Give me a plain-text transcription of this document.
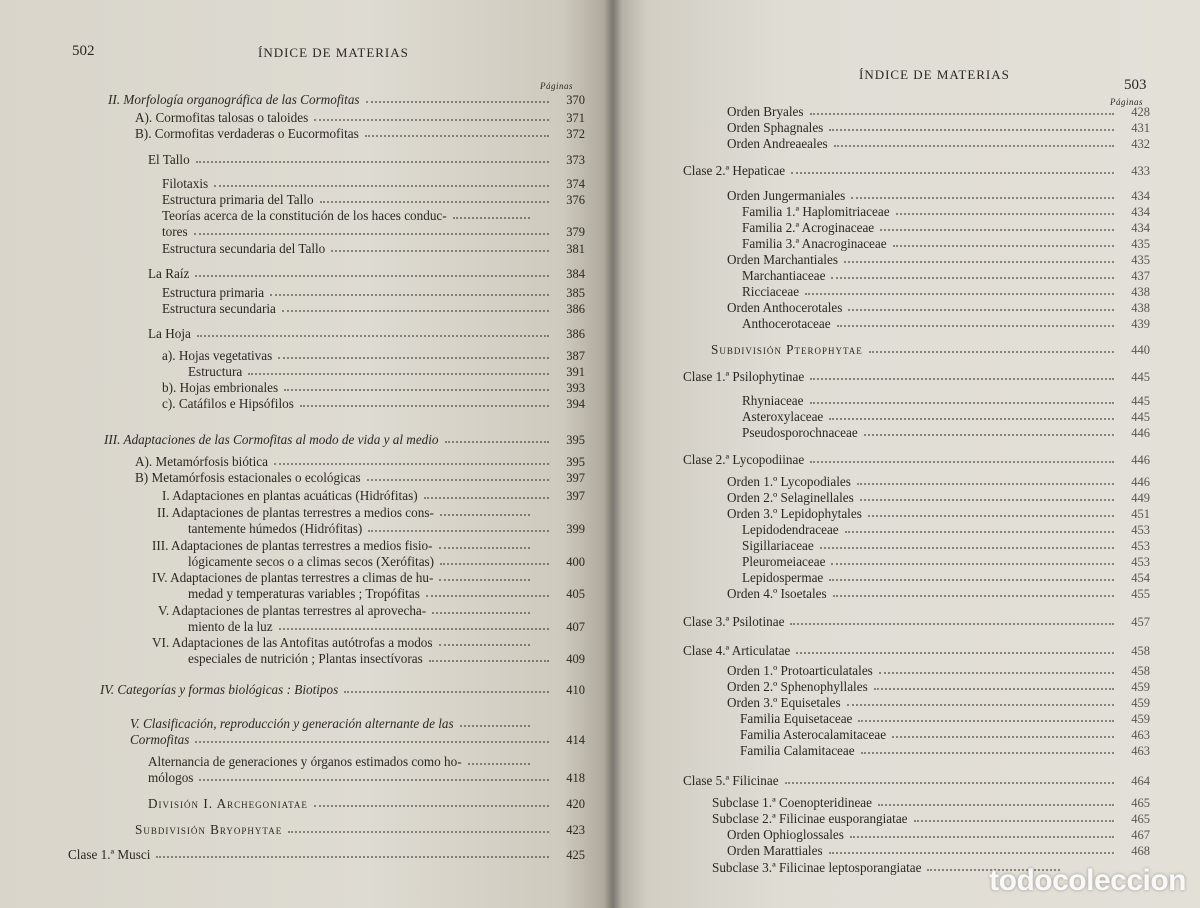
502	ÍNDICE DE MATERIAS
Páginas
II. Morfología organográfica de las Cormofitas	370
A). Cormofitas talosas o taloides	371
B). Cormofitas verdaderas o Eucormofitas	372
El Tallo	373
Filotaxis	374
Estructura primaria del Tallo	376
Teorías acerca de la constitución de los haces conduc-
tores	379
Estructura secundaria del Tallo	381
La Raíz	384
Estructura primaria	385
Estructura secundaria	386
La Hoja	386
a). Hojas vegetativas	387
Estructura	391
b). Hojas embrionales	393
c). Catáfilos e Hipsófilos	394
III. Adaptaciones de las Cormofitas al modo de vida y al medio	395
A). Metamórfosis biótica	395
B) Metamórfosis estacionales o ecológicas	397
I. Adaptaciones en plantas acuáticas (Hidrófitas)	397
II. Adaptaciones de plantas terrestres a medios cons-
tantemente húmedos (Hidrófitas)	399
III. Adaptaciones de plantas terrestres a medios fisio-
lógicamente secos o a climas secos (Xerófitas)	400
IV. Adaptaciones de plantas terrestres a climas de hu-
medad y temperaturas variables ; Tropófitas	405
V. Adaptaciones de plantas terrestres al aprovecha-
miento de la luz	407
VI. Adaptaciones de las Antofitas autótrofas a modos
especiales de nutrición ; Plantas insectívoras	409
IV. Categorías y formas biológicas : Biotipos	410
V. Clasificación, reproducción y generación alternante de las
Cormofitas	414
Alternancia de generaciones y órganos estimados como ho-
mólogos	418
División I. Archegoniatae	420
Subdivisión Bryophytae	423
Clase 1.ª Musci	425
ÍNDICE DE MATERIAS
503
Páginas
Orden Bryales	428
Orden Sphagnales	431
Orden Andreaeales	432
Clase 2.ª Hepaticae	433
Orden Jungermaniales	434
Familia 1.ª Haplomitriaceae	434
Familia 2.ª Acroginaceae	434
Familia 3.ª Anacroginaceae	435
Orden Marchantiales	435
Marchantiaceae	437
Ricciaceae	438
Orden Anthocerotales	438
Anthocerotaceae	439
Subdivisión Pterophytae	440
Clase 1.ª Psilophytinae	445
Rhyniaceae	445
Asteroxylaceae	445
Pseudosporochnaceae	446
Clase 2.ª Lycopodiinae	446
Orden 1.º Lycopodiales	446
Orden 2.º Selaginellales	449
Orden 3.º Lepidophytales	451
Lepidodendraceae	453
Sigillariaceae	453
Pleuromeiaceae	453
Lepidospermae	454
Orden 4.º Isoetales	455
Clase 3.ª Psilotinae	457
Clase 4.ª Articulatae	458
Orden 1.º Protoarticulatales	458
Orden 2.º Sphenophyllales	459
Orden 3.º Equisetales	459
Familia Equisetaceae	459
Familia Asterocalamitaceae	463
Familia Calamitaceae	463
Clase 5.ª Filicinae	464
Subclase 1.ª Coenopteridineae	465
Subclase 2.ª Filicinae eusporangiatae	465
Orden Ophioglossales	467
Orden Marattiales	468
Subclase 3.ª Filicinae leptosporangiatae todocoleccion
